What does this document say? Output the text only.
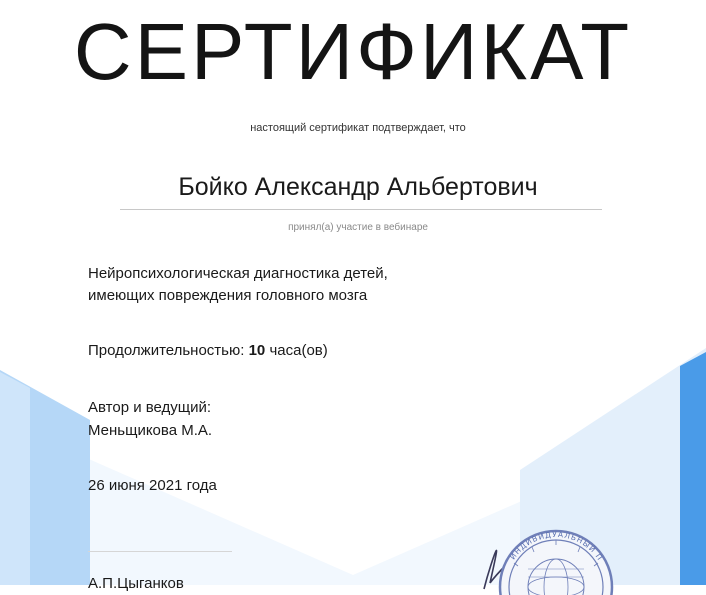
СЕРТИФИКАТ
настоящий сертификат подтверждает, что
Бойко Александр Альбертович
принял(а) участие в вебинаре
Нейропсихологическая диагностика детей,
имеющих повреждения головного мозга
Продолжительностью: 10 часа(ов)
Автор и ведущий:
Меньщикова М.А.
26 июня 2021 года
А.П.Цыганков
ИНДИВИДУАЛЬНЫЙ П
